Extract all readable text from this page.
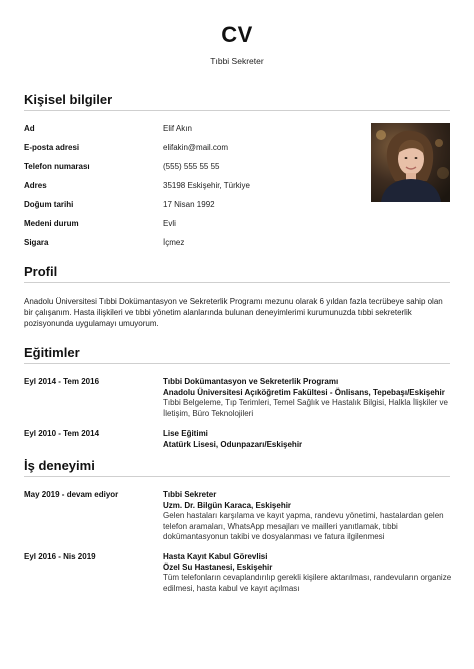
CV
Tıbbi Sekreter
Kişisel bilgiler
Ad	Elif Akın
E-posta adresi	elifakin@mail.com
Telefon numarası	(555) 555 55 55
Adres	35198 Eskişehir, Türkiye
Doğum tarihi	17 Nisan 1992
Medeni durum	Evli
Sigara	İçmez
Profil
Anadolu Üniversitesi Tıbbi Dokümantasyon ve Sekreterlik Programı mezunu olarak 6 yıldan fazla tecrübeye sahip olan bir çalışanım. Hasta ilişkileri ve tıbbi yönetim alanlarında bulunan deneyimlerimi kurumunuzda tıbbi sekreterlik pozisyonunda uygulamayı umuyorum.
Eğitimler
Eyl 2014 - Tem 2016	Tıbbi Dokümantasyon ve Sekreterlik Programı
Anadolu Üniversitesi Açıköğretim Fakültesi - Önlisans, Tepebaşı/Eskişehir
Tıbbi Belgeleme, Tıp Terimleri, Temel Sağlık ve Hastalık Bilgisi, Halkla İlişkiler ve İletişim, Büro Teknolojileri
Eyl 2010 - Tem 2014	Lise Eğitimi
Atatürk Lisesi, Odunpazarı/Eskişehir
İş deneyimi
May 2019 - devam ediyor	Tıbbi Sekreter
Uzm. Dr. Bilgün Karaca, Eskişehir
Gelen hastaları karşılama ve kayıt yapma, randevu yönetimi, hastalardan gelen telefon aramaları, WhatsApp mesajları ve mailleri yanıtlamak, tıbbi dokümantasyonun takibi ve dosyalanması ve fatura ilgilenmesi
Eyl 2016 - Nis 2019	Hasta Kayıt Kabul Görevlisi
Özel Su Hastanesi, Eskişehir
Tüm telefonların cevaplandırılıp gerekli kişilere aktarılması, randevuların organize edilmesi, hasta kabul ve kayıt açılması
